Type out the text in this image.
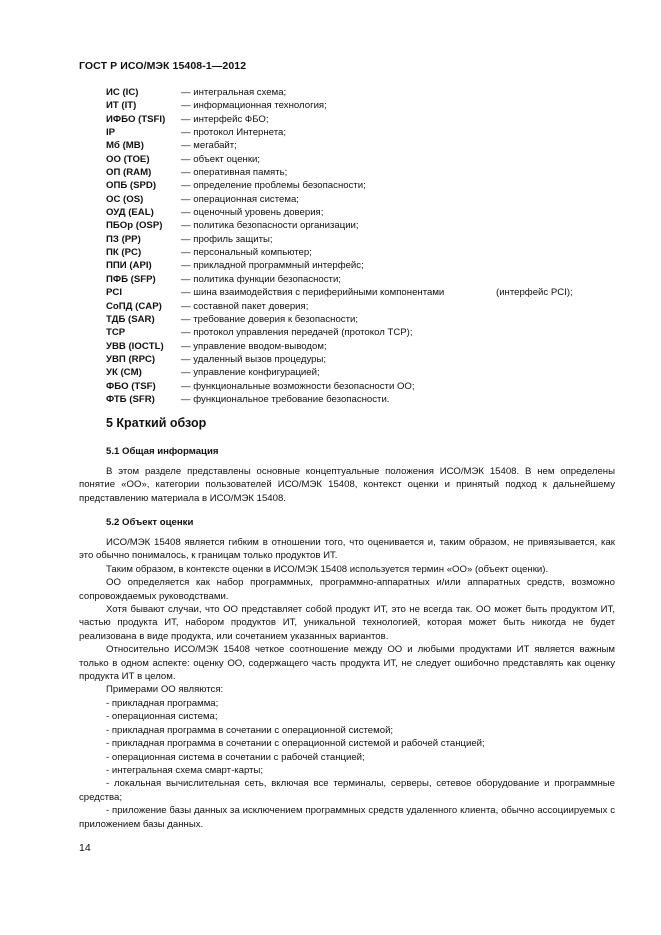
ГОСТ Р ИСО/МЭК 15408-1—2012
ИС (IC)	— интегральная схема;
ИТ (IT)	— информационная технология;
ИФБО (TSFI) — интерфейс ФБО;
IP	— протокол Интернета;
Мб (MB)	— мегабайт;
ОО (TOE)	— объект оценки;
ОП (RAM)	— оперативная память;
ОПБ (SPD)	— определение проблемы безопасности;
ОС (OS)	— операционная система;
ОУД (EAL)	— оценочный уровень доверия;
ПБОр (OSP) — политика безопасности организации;
ПЗ (PP)	— профиль защиты;
ПК (PC)	— персональный компьютер;
ППИ (API)	— прикладной программный интерфейс;
ПФБ (SFP)	— политика функции безопасности;
PCI	— шина взаимодействия с периферийными компонентами	(интерфейс PCI);
СоПД (CAP) — составной пакет доверия;
ТДБ (SAR)	— требование доверия к безопасности;
TCP	— протокол управления передачей (протокол TCP);
УВВ (IOCTL) — управление вводом-выводом;
УВП (RPC)	— удаленный вызов процедуры;
УК (CM)	— управление конфигурацией;
ФБО (TSF)	— функциональные возможности безопасности ОО;
ФТБ (SFR)	— функциональное требование безопасности.
5 Краткий обзор
5.1 Общая информация

В этом разделе представлены основные концептуальные положения ИСО/МЭК 15408. В нем определены понятие «ОО», категории пользователей ИСО/МЭК 15408, контекст оценки и принятый подход к дальнейшему представлению материала в ИСО/МЭК 15408.

5.2 Объект оценки

ИСО/МЭК 15408 является гибким в отношении того, что оценивается и, таким образом, не привязывается, как это обычно понималось, к границам только продуктов ИТ.

Таким образом, в контексте оценки в ИСО/МЭК 15408 используется термин «ОО» (объект оценки).

ОО определяется как набор программных, программно-аппаратных и/или аппаратных средств, возможно сопровождаемых руководствами.

Хотя бывают случаи, что ОО представляет собой продукт ИТ, это не всегда так. ОО может быть продуктом ИТ, частью продукта ИТ, набором продуктов ИТ, уникальной технологией, которая может быть никогда не будет реализована в виде продукта, или сочетанием указанных вариантов.

Относительно ИСО/МЭК 15408 четкое соотношение между ОО и любыми продуктами ИТ является важным только в одном аспекте: оценку ОО, содержащего часть продукта ИТ, не следует ошибочно представлять как оценку продукта ИТ в целом.

Примерами ОО являются:

- прикладная программа;

- операционная система;

- прикладная программа в сочетании с операционной системой;

- прикладная программа в сочетании с операционной системой и рабочей станцией;

- операционная система в сочетании с рабочей станцией;

- интегральная схема смарт-карты;

- локальная вычислительная сеть, включая все терминалы, серверы, сетевое оборудование и программные средства;

- приложение базы данных за исключением программных средств удаленного клиента, обычно ассоциируемых с приложением базы данных.

14
